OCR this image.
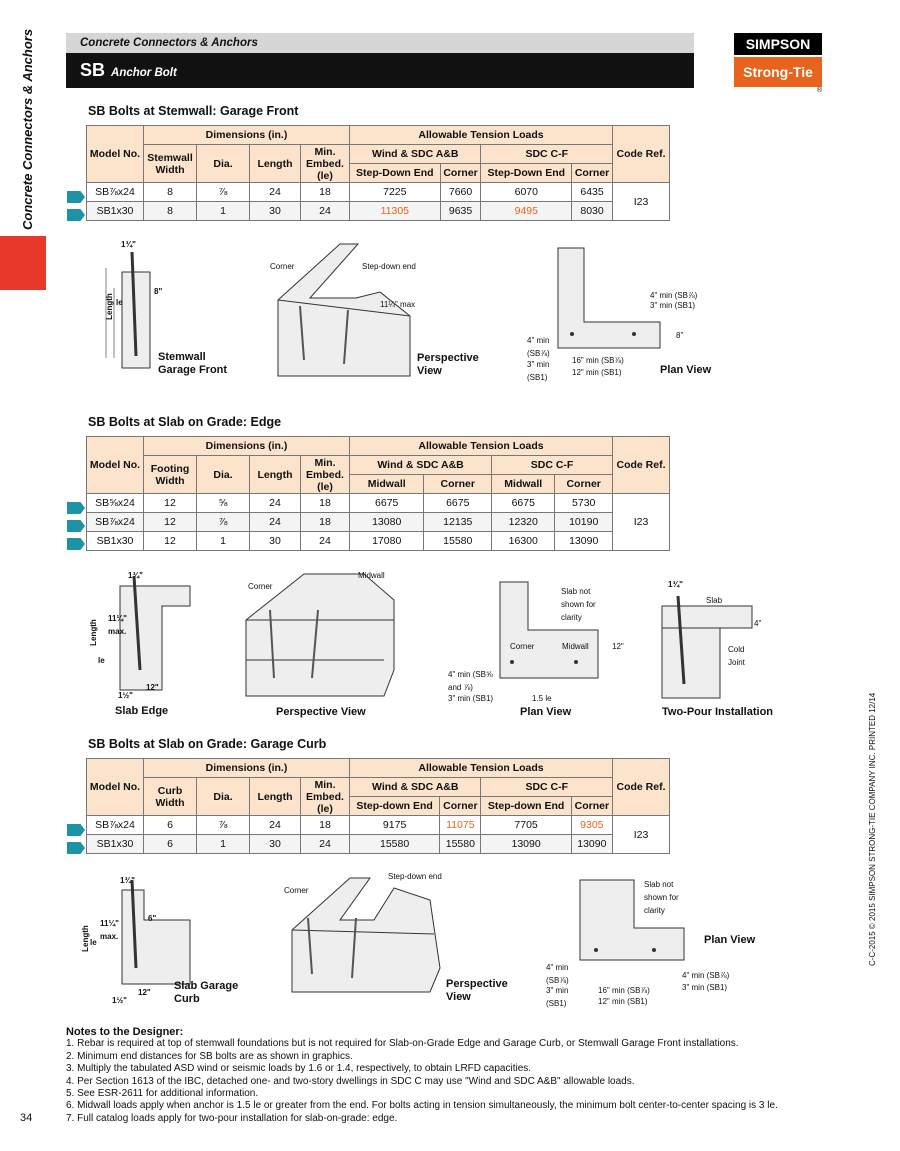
Concrete Connectors & Anchors	Concrete Connectors & Anchors
SB Anchor Bolt
SIMPSON
Strong-Tie
®
SB Bolts at Stemwall: Garage Front
Model No.	Dimensions (in.)				Allowable Tension Loads				Code Ref.
	Stemwall Width	Dia.	Length	Min. Embed. (le)	Wind & SDC A&B		SDC C-F		
					Step-Down End	Corner	Step-Down End	Corner	
SB⅞x24	8	⅞	24	18	7225	7660	6070	6435	I23
SB1x30	8	1	30	24	11305	9635	9495	8030	
1¾"
8"
Length le
Stemwall Garage Front
Corner	Step-down end
11¼" max
Perspective View
4" min (SB⅞)
3" min (SB1)
8"
4" min (SB⅞)
3" min (SB1)
16" min (SB⅞)
12" min (SB1)	Plan View
SB Bolts at Slab on Grade: Edge
Model No.	Dimensions (in.)				Allowable Tension Loads				Code Ref.
	Footing Width	Dia.	Length	Min. Embed. (le)	Wind & SDC A&B		SDC C-F		
					Midwall	Corner	Midwall	Corner	
SB⅝x24	12	⅝	24	18	6675	6675	6675	5730	I23
SB⅞x24	12	⅞	24	18	13080	12135	12320	10190	
SB1x30	12	1	30	24	17080	15580	16300	13090	
1¾"
11¼" max.
Length
le
12"
1½"
Slab Edge
Corner
Midwall
Perspective View
Slab not shown for clarity
Corner	Midwall	12"
4" min (SB⅝ and ⅞)
3" min (SB1)	1.5 le
Plan View
1¾"
Slab
4"
Cold Joint
Two-Pour Installation
SB Bolts at Slab on Grade: Garage Curb
Model No.	Dimensions (in.)				Allowable Tension Loads				Code Ref.
	Curb Width	Dia.	Length	Min. Embed. (le)	Wind & SDC A&B		SDC C-F		
					Step-down End	Corner	Step-down End	Corner	
SB⅞x24	6	⅞	24	18	9175	11075	7705	9305	I23
SB1x30	6	1	30	24	15580	15580	13090	13090	
1¾"
6"
11¼" max.
Length le
12"
1½"
Slab Garage Curb
Corner
Step-down end
Perspective View
Slab not shown for clarity
4" min (SB⅞)
3" min (SB1)
16" min (SB⅞)
12" min (SB1)
4" min (SB⅞)
3" min (SB1)
Plan View
Notes to the Designer:
1. Rebar is required at top of stemwall foundations but is not required for Slab-on-Grade Edge and Garage Curb, or Stemwall Garage Front installations.
2. Minimum end distances for SB bolts are as shown in graphics.
3. Multiply the tabulated ASD wind or seismic loads by 1.6 or 1.4, respectively, to obtain LRFD capacities.
4. Per Section 1613 of the IBC, detached one- and two-story dwellings in SDC C may use "Wind and SDC A&B" allowable loads.
5. See ESR-2611 for additional information.
6. Midwall loads apply when anchor is 1.5 le or greater from the end. For bolts acting in tension simultaneously, the minimum bolt center-to-center spacing is 3 le.
7. Full catalog loads apply for two-pour installation for slab-on-grade: edge.
34
C-C-2015 © 2015 SIMPSON STRONG-TIE COMPANY INC. PRINTED 12/14
